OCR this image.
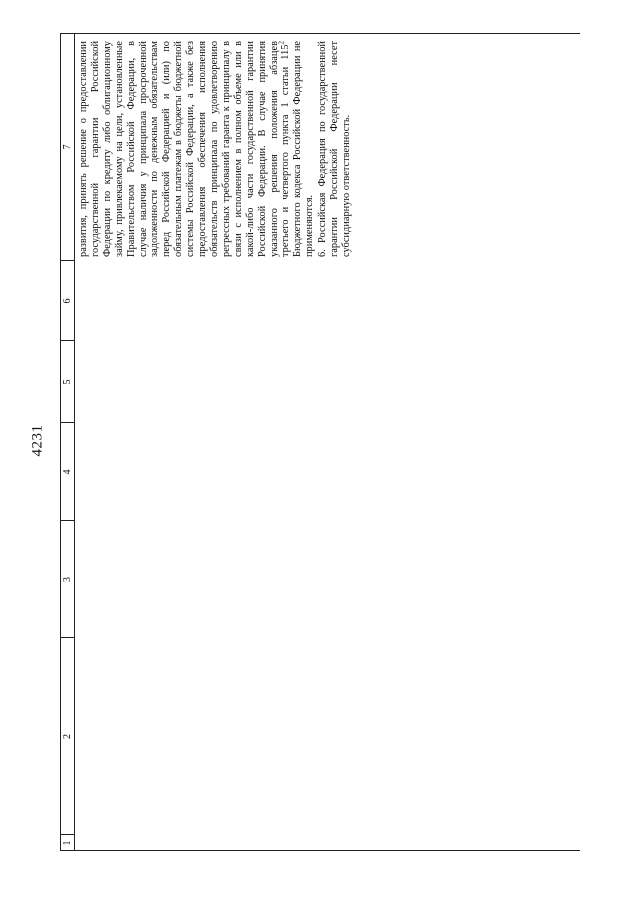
4231
1
2
3
4
5
6
7 развития, принять решение о предоставлении государственной гарантии Российской Федерации по кредиту либо облигационному займу, привлекаемому на цели, установленные Правительством Российской Федерации, в случае наличия у принципала просроченной задолженности по денежным обязательствам перед Российской Федерацией и (или) по обязательным платежам в бюджеты бюджетной системы Российской Федерации, а также без предоставления обеспечения исполнения обязательств принципала по удовлетворению регрессных требований гаранта к принципалу в связи с исполнением в полном объеме или в какой-либо части государственной гарантии Российской Федерации. В случае принятия указанного решения положения абзацев третьего и четвертого пункта 1 статьи $115^2$ Бюджетного кодекса Российской Федерации не применяются. 6. Российская Федерация по государственной гарантии Российской Федерации несет субсидиарную ответственность.
